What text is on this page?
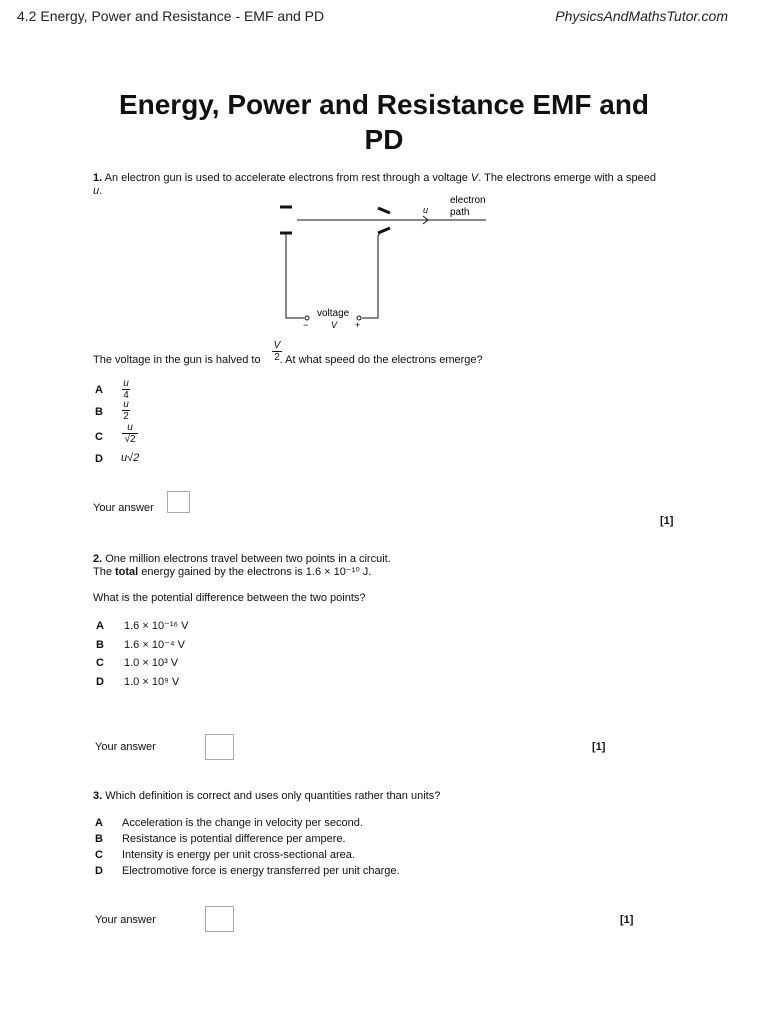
4.2 Energy, Power and Resistance - EMF and PD	PhysicsAndMathsTutor.com
Energy, Power and Resistance EMF and PD
1. An electron gun is used to accelerate electrons from rest through a voltage V. The electrons emerge with a speed u.
u
electron
path
−	+
voltage
V
The voltage in the gun is halved to . At what speed do the electrons emerge?
V
2
A
u
4
B
u
2
C
u
√2
D u√2
Your answer
[1]
2. One million electrons travel between two points in a circuit.
The total energy gained by the electrons is 1.6 × 10⁻¹⁰ J.
What is the potential difference between the two points?
A 1.6 × 10⁻¹⁶ V
B 1.6 × 10⁻⁴ V
C 1.0 × 10³ V
D 1.0 × 10⁹ V
Your answer	[1]
3. Which definition is correct and uses only quantities rather than units?
A Acceleration is the change in velocity per second.
B Resistance is potential difference per ampere.
C Intensity is energy per unit cross-sectional area.
D Electromotive force is energy transferred per unit charge.
Your answer	[1]
